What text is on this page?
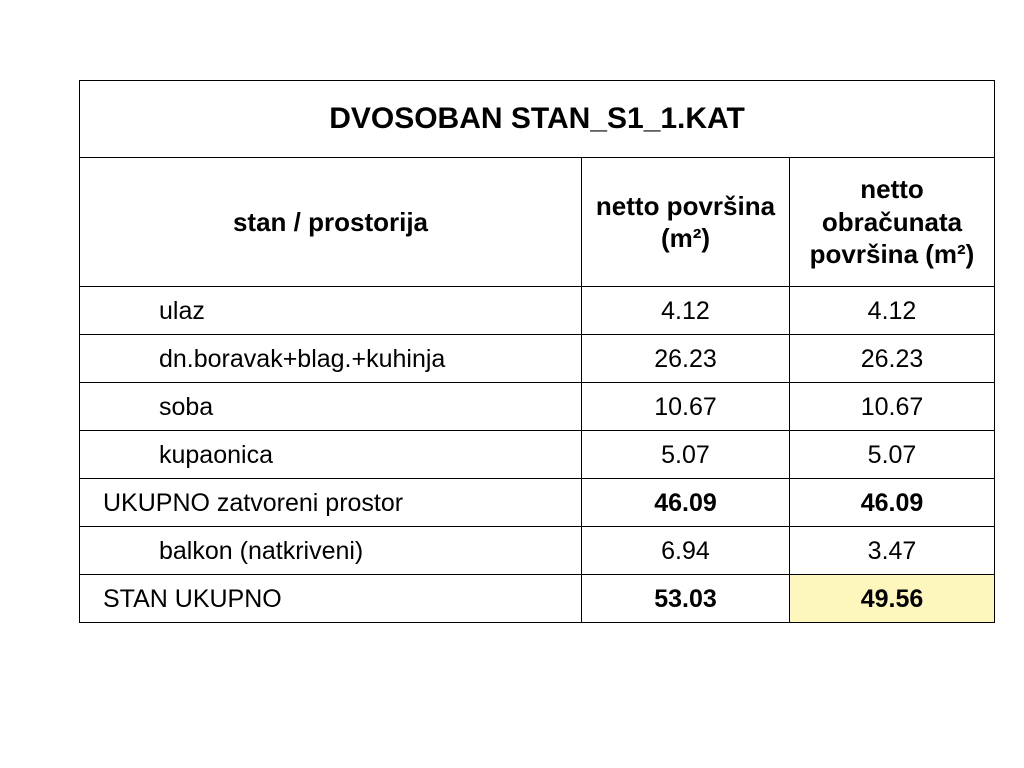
DVOSOBAN STAN_S1_1.KAT		
stan / prostorija	netto površina (m²)	netto obračunata površina (m²)
ulaz	4.12	4.12
dn.boravak+blag.+kuhinja	26.23	26.23
soba	10.67	10.67
kupaonica	5.07	5.07
UKUPNO zatvoreni prostor	46.09	46.09
balkon (natkriveni)	6.94	3.47
STAN UKUPNO	53.03	49.56
